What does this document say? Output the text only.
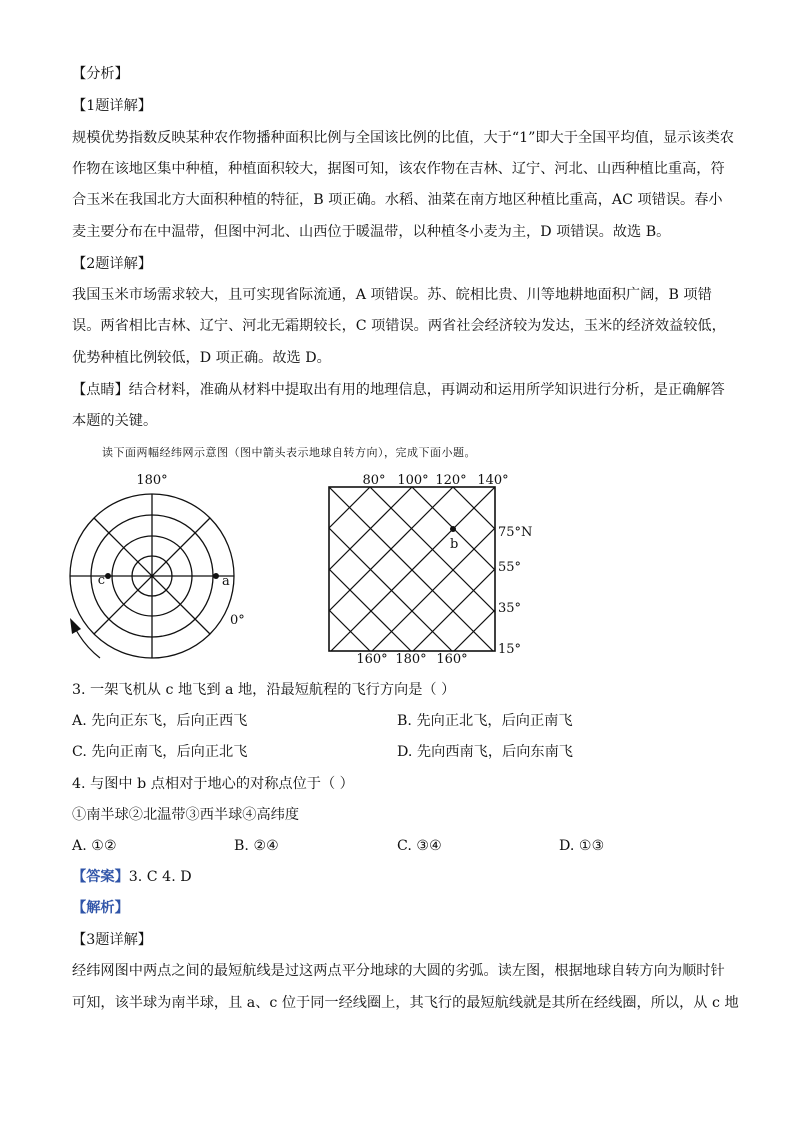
【分析】
【1题详解】
规模优势指数反映某种农作物播种面积比例与全国该比例的比值，大于“1”即大于全国平均值，显示该类农
作物在该地区集中种植，种植面积较大，据图可知，该农作物在吉林、辽宁、河北、山西种植比重高，符
合玉米在我国北方大面积种植的特征，B 项正确。水稻、油菜在南方地区种植比重高，AC 项错误。春小
麦主要分布在中温带，但图中河北、山西位于暖温带，以种植冬小麦为主，D 项错误。故选 B。
【2题详解】
我国玉米市场需求较大，且可实现省际流通，A 项错误。苏、皖相比贵、川等地耕地面积广阔，B 项错
误。两省相比吉林、辽宁、河北无霜期较长，C 项错误。两省社会经济较为发达，玉米的经济效益较低，
优势种植比例较低，D 项正确。故选 D。
【点睛】结合材料，准确从材料中提取出有用的地理信息，再调动和运用所学知识进行分析，是正确解答
本题的关键。
读下面两幅经纬网示意图（图中箭头表示地球自转方向），完成下面小题。
180°
c	a
0°
b
80° 100° 120° 140°
160° 180° 160°
75°N
55°
35°
15°
3. 一架飞机从 c 地飞到 a 地，沿最短航程的飞行方向是（ ）
A. 先向正东飞，后向正西飞	B. 先向正北飞，后向正南飞
C. 先向正南飞，后向正北飞	D. 先向西南飞，后向东南飞
4. 与图中 b 点相对于地心的对称点位于（ ）
①南半球②北温带③西半球④高纬度
A. ①②	B. ②④	C. ③④	D. ①③
【答案】3. C 4. D
【解析】
【3题详解】
经纬网图中两点之间的最短航线是过这两点平分地球的大圆的劣弧。读左图，根据地球自转方向为顺时针
可知，该半球为南半球，且 a、c 位于同一经线圈上，其飞行的最短航线就是其所在经线圈，所以，从 c 地
